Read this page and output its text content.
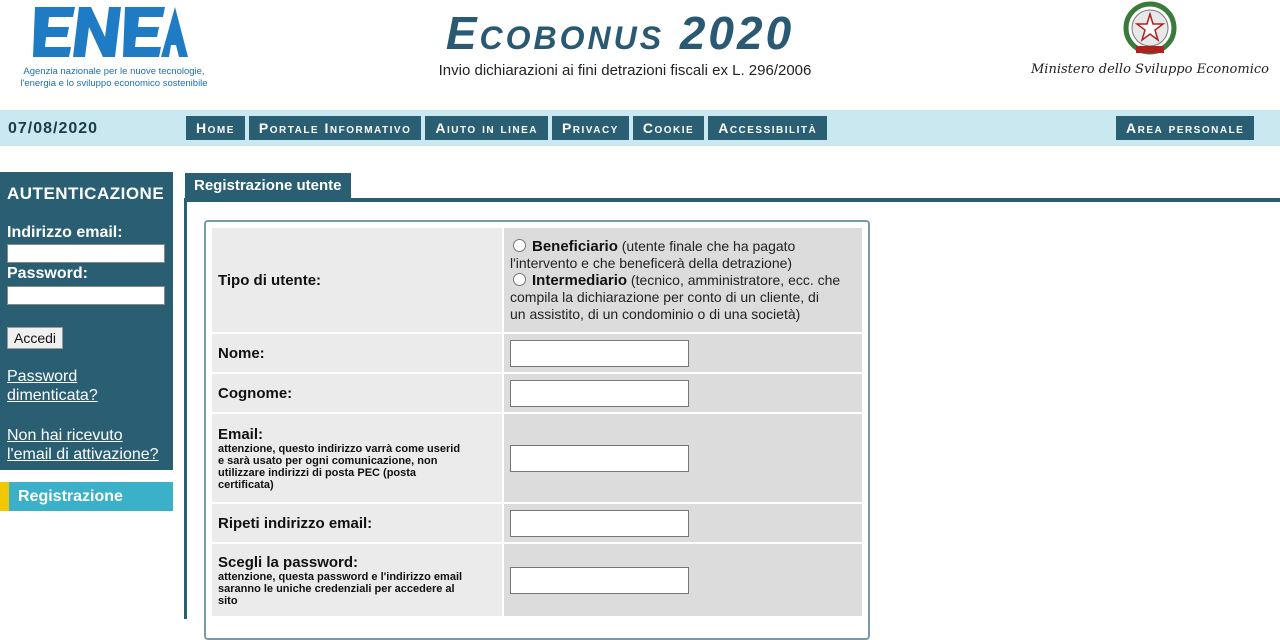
Agenzia nazionale per le nuove tecnologie,
l'energia e lo sviluppo economico sostenibile
Ecobonus 2020
Invio dichiarazioni ai fini detrazioni fiscali ex L. 296/2006	Ministero dello Sviluppo Economico
07/08/2020	Home	Portale Informativo	Aiuto in linea	Privacy	Cookie	Accessibilità	Area personale
AUTENTICAZIONE
Indirizzo email:
Password:
Accedi
Password
dimenticata?
Non hai ricevuto
l'email di attivazione?
Registrazione
Registrazione utente
Tipo di utente:
Beneficiario (utente finale che ha pagato
l'intervento e che beneficerà della detrazione)
Intermediario (tecnico, amministratore, ecc. che
compila la dichiarazione per conto di un cliente, di
un assistito, di un condominio o di una società)
Nome:
Cognome:
Email:
attenzione, questo indirizzo varrà come userid
e sarà usato per ogni comunicazione, non
utilizzare indirizzi di posta PEC (posta
certificata)
Ripeti indirizzo email:
Scegli la password:
attenzione, questa password e l'indirizzo email
saranno le uniche credenziali per accedere al
sito
